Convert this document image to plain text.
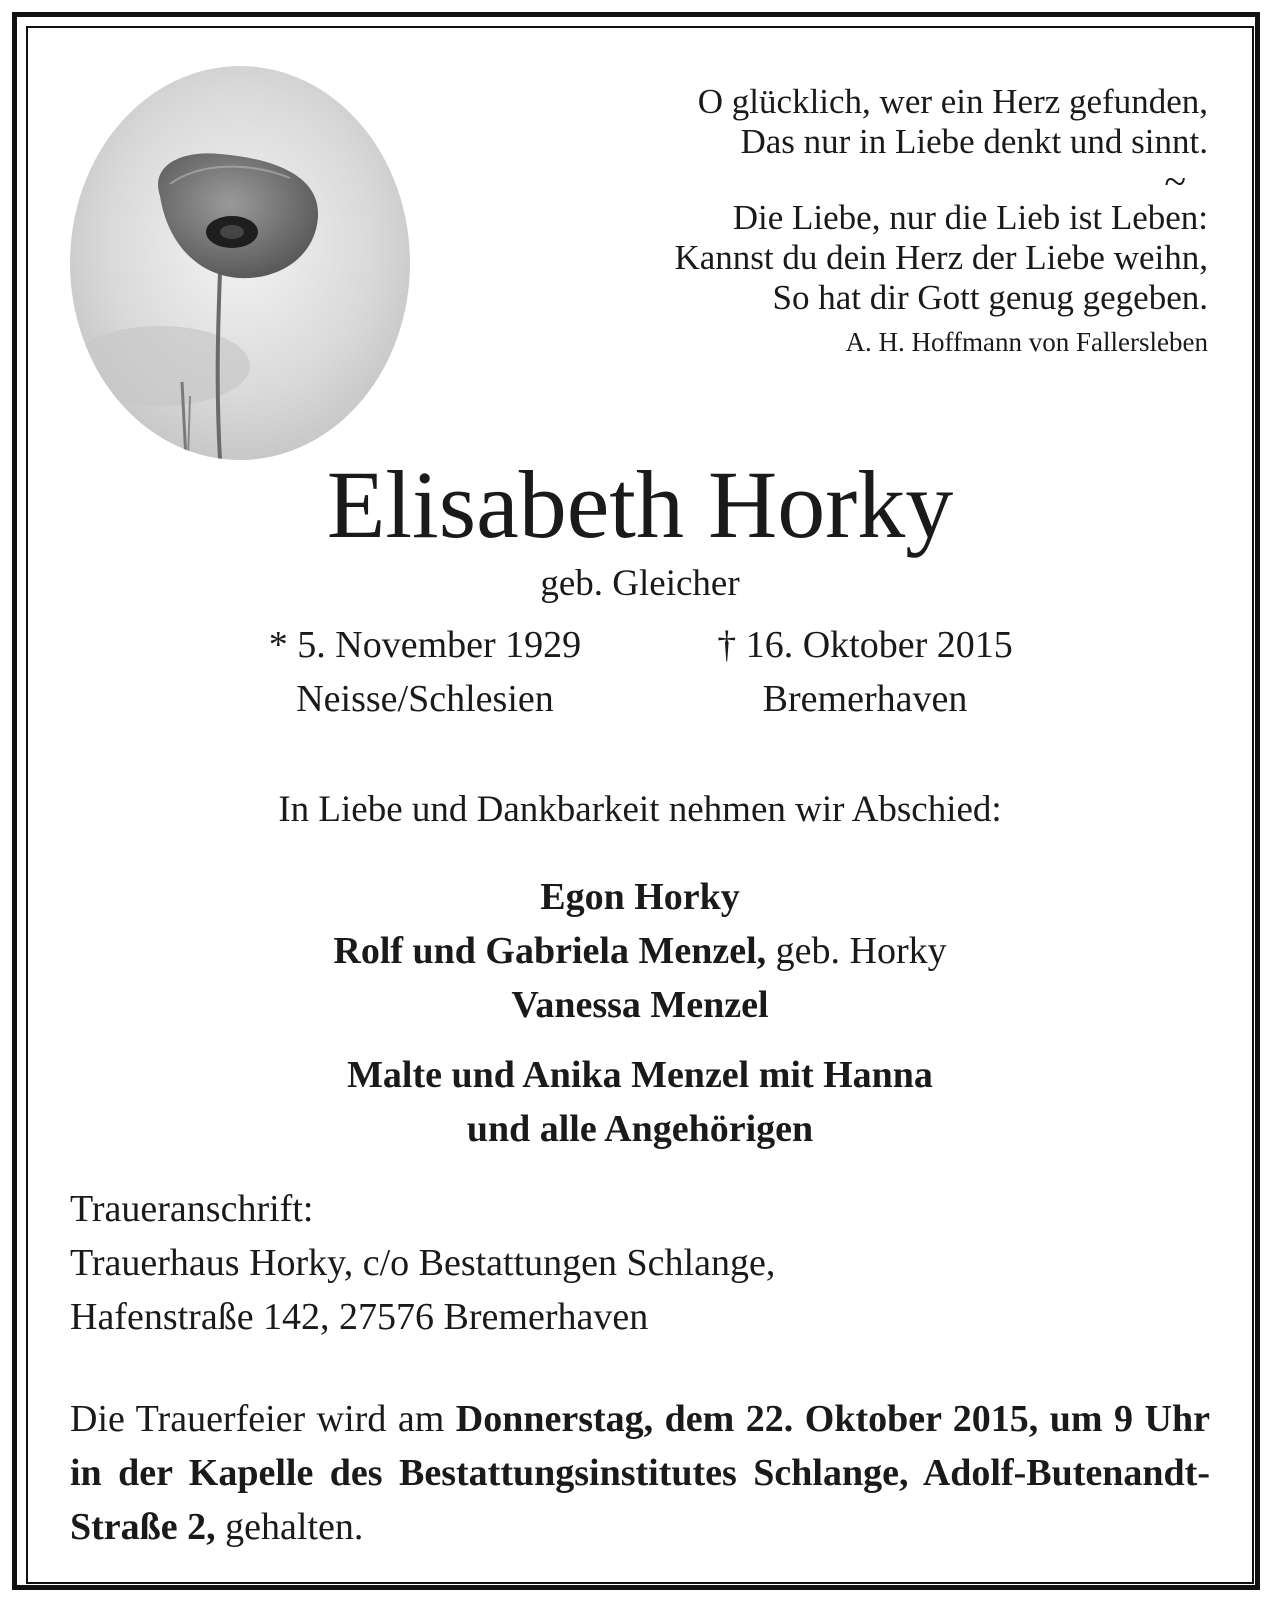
O glücklich, wer ein Herz gefunden,
Das nur in Liebe denkt und sinnt.
~
Die Liebe, nur die Lieb ist Leben:
Kannst du dein Herz der Liebe weihn,
So hat dir Gott genug gegeben.
A. H. Hoffmann von Fallersleben
Elisabeth Horky
geb. Gleicher
* 5. November 1929
Neisse/Schlesien
† 16. Oktober 2015
Bremerhaven
In Liebe und Dankbarkeit nehmen wir Abschied:
Egon Horky
Rolf und Gabriela Menzel, geb. Horky
Vanessa Menzel
Malte und Anika Menzel mit Hanna
und alle Angehörigen
Traueranschrift:
Trauerhaus Horky, c/o Bestattungen Schlange,
Hafenstraße 142, 27576 Bremerhaven
Die Trauerfeier wird am Donnerstag, dem 22. Oktober 2015, um 9 Uhr in der Kapelle des Bestattungsinstitutes Schlange, Adolf-Butenandt-Straße 2, gehalten.
